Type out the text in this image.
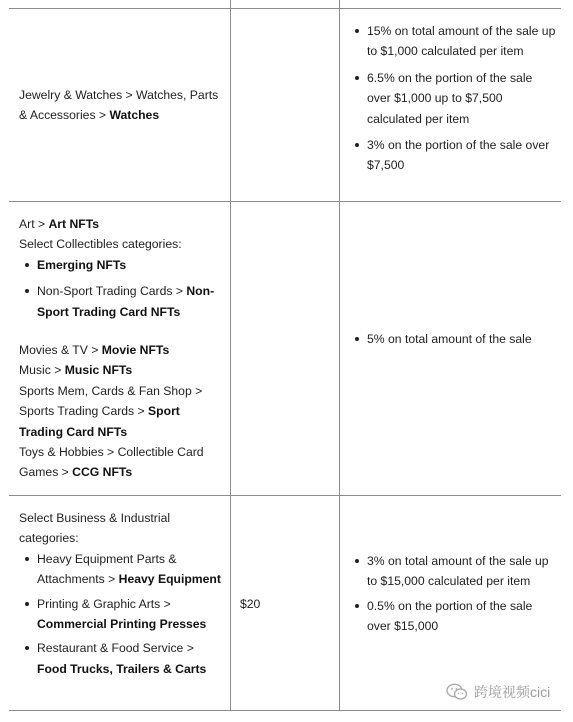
Jewelry & Watches > Watches, Parts & Accessories > Watches
15% on total amount of the sale up to $1,000 calculated per item
6.5% on the portion of the sale over $1,000 up to $7,500 calculated per item
3% on the portion of the sale over $7,500

Art > Art NFTs

Select Collectibles categories:

Emerging NFTs
Non-Sport Trading Cards > Non-Sport Trading Card NFTs

Movies & TV > Movie NFTs

Music > Music NFTs

Sports Mem, Cards & Fan Shop > Sports Trading Cards > Sport Trading Card NFTs

Toys & Hobbies > Collectible Card Games > CCG NFTs

5% on total amount of the sale

Select Business & Industrial categories:

Heavy Equipment Parts & Attachments > Heavy Equipment
Printing & Graphic Arts > Commercial Printing Presses
Restaurant & Food Service > Food Trucks, Trailers & Carts
$20
3% on total amount of the sale up to $15,000 calculated per item
0.5% on the portion of the sale over $15,000
跨境视频cici
